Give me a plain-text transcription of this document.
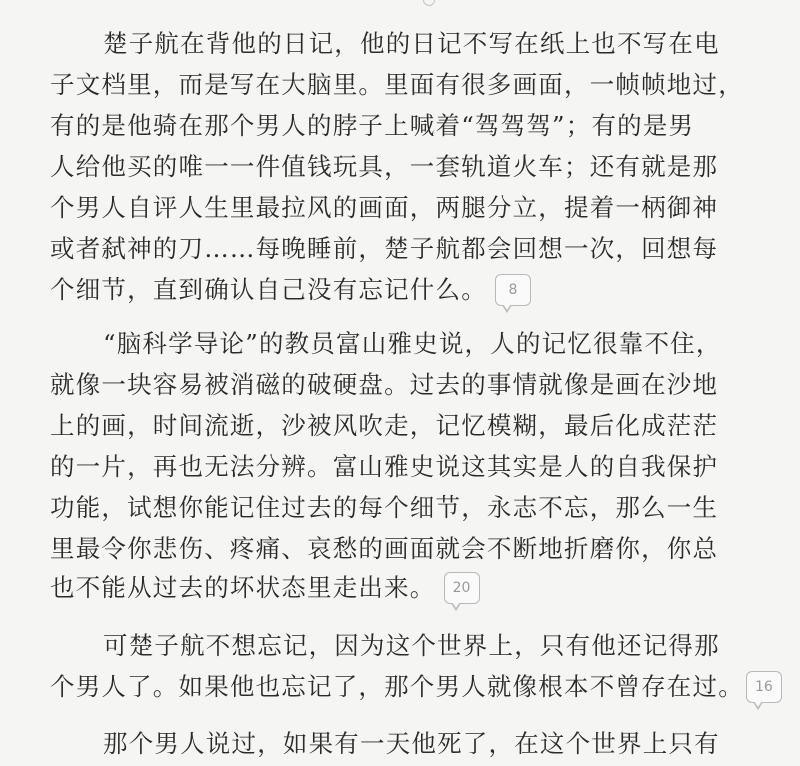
楚子航在背他的日记，他的日记不写在纸上也不写在电
子文档里，而是写在大脑里。里面有很多画面，一帧帧地过，
有的是他骑在那个男人的脖子上喊着“驾驾驾”；有的是男
人给他买的唯一一件值钱玩具，一套轨道火车；还有就是那
个男人自评人生里最拉风的画面，两腿分立，提着一柄御神
或者弑神的刀……每晚睡前，楚子航都会回想一次，回想每
个细节，直到确认自己没有忘记什么。 8
“脑科学导论”的教员富山雅史说，人的记忆很靠不住，
就像一块容易被消磁的破硬盘。过去的事情就像是画在沙地
上的画，时间流逝，沙被风吹走，记忆模糊，最后化成茫茫
的一片，再也无法分辨。富山雅史说这其实是人的自我保护
功能，试想你能记住过去的每个细节，永志不忘，那么一生
里最令你悲伤、疼痛、哀愁的画面就会不断地折磨你，你总
也不能从过去的坏状态里走出来。 20
可楚子航不想忘记，因为这个世界上，只有他还记得那
个男人了。如果他也忘记了，那个男人就像根本不曾存在过。 16
那个男人说过，如果有一天他死了，在这个世界上只有
